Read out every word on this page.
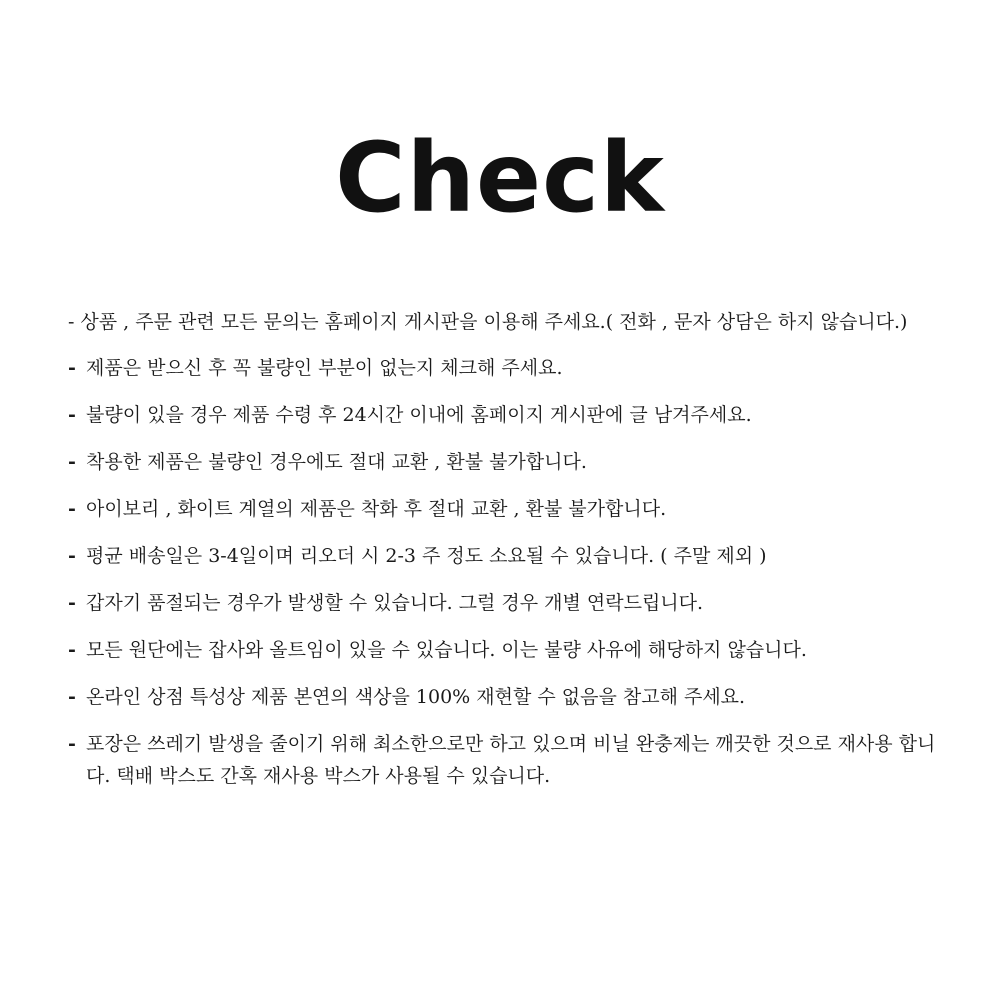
Check
- 상품 , 주문 관련 모든 문의는 홈페이지 게시판을 이용해 주세요.( 전화 , 문자 상담은 하지 않습니다.)
- 제품은 받으신 후 꼭 불량인 부분이 없는지 체크해 주세요.
- 불량이 있을 경우 제품 수령 후 24시간 이내에 홈페이지 게시판에 글 남겨주세요.
- 착용한 제품은 불량인 경우에도 절대 교환 , 환불 불가합니다.
- 아이보리 , 화이트 계열의 제품은 착화 후 절대 교환 , 환불 불가합니다.
- 평균 배송일은 3-4일이며 리오더 시 2-3 주 정도 소요될 수 있습니다. ( 주말 제외 )
- 갑자기 품절되는 경우가 발생할 수 있습니다. 그럴 경우 개별 연락드립니다.
- 모든 원단에는 잡사와 올트임이 있을 수 있습니다. 이는 불량 사유에 해당하지 않습니다.
- 온라인 상점 특성상 제품 본연의 색상을 100% 재현할 수 없음을 참고해 주세요.
- 포장은 쓰레기 발생을 줄이기 위해 최소한으로만 하고 있으며 비닐 완충제는 깨끗한 것으로 재사용 합니다. 택배 박스도 간혹 재사용 박스가 사용될 수 있습니다.
